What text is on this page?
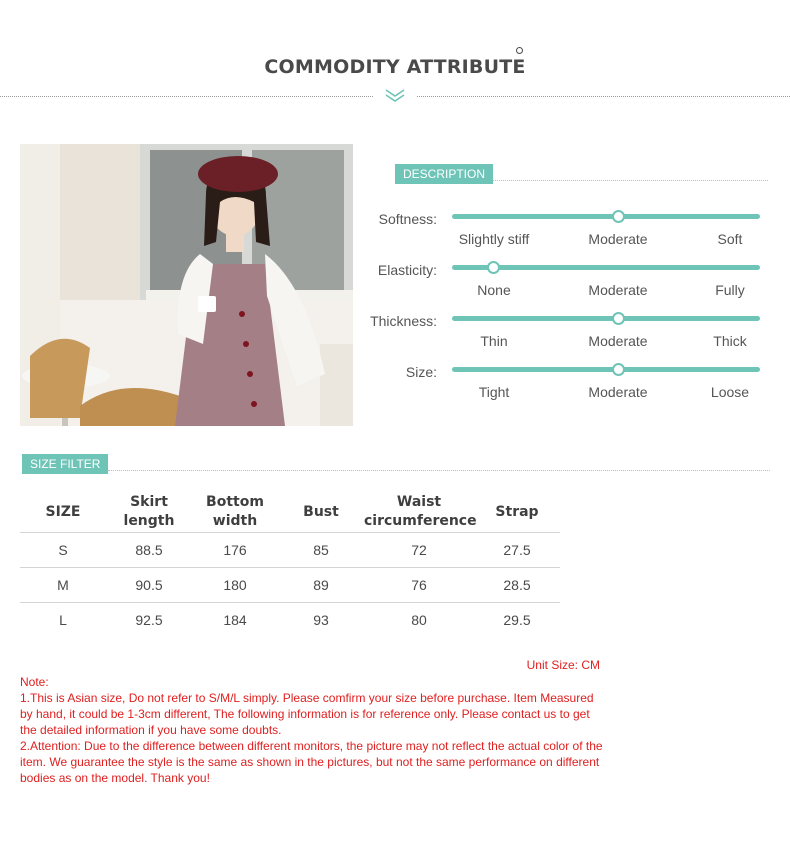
COMMODITY ATTRIBUTE
DESCRIPTION
Softness:
Slightly stiff	Moderate	Soft
Elasticity:
None	Moderate	Fully
Thickness:
Thin	Moderate	Thick
Size:
Tight	Moderate	Loose
SIZE FILTER
SIZE	Skirt length	Bottom width	Bust	Waist circumference	Strap
S	88.5	176	85	72	27.5
M	90.5	180	89	76	28.5
L	92.5	184	93	80	29.5
Unit Size: CM

Note:

1.This is Asian size, Do not refer to S/M/L simply. Please comfirm your size before purchase. Item Measured by hand, it could be 1-3cm different, The following information is for reference only. Please contact us to get the detailed information if you have some doubts.

2.Attention: Due to the difference between different monitors, the picture may not reflect the actual color of the item. We guarantee the style is the same as shown in the pictures, but not the same performance on different bodies as on the model. Thank you!
